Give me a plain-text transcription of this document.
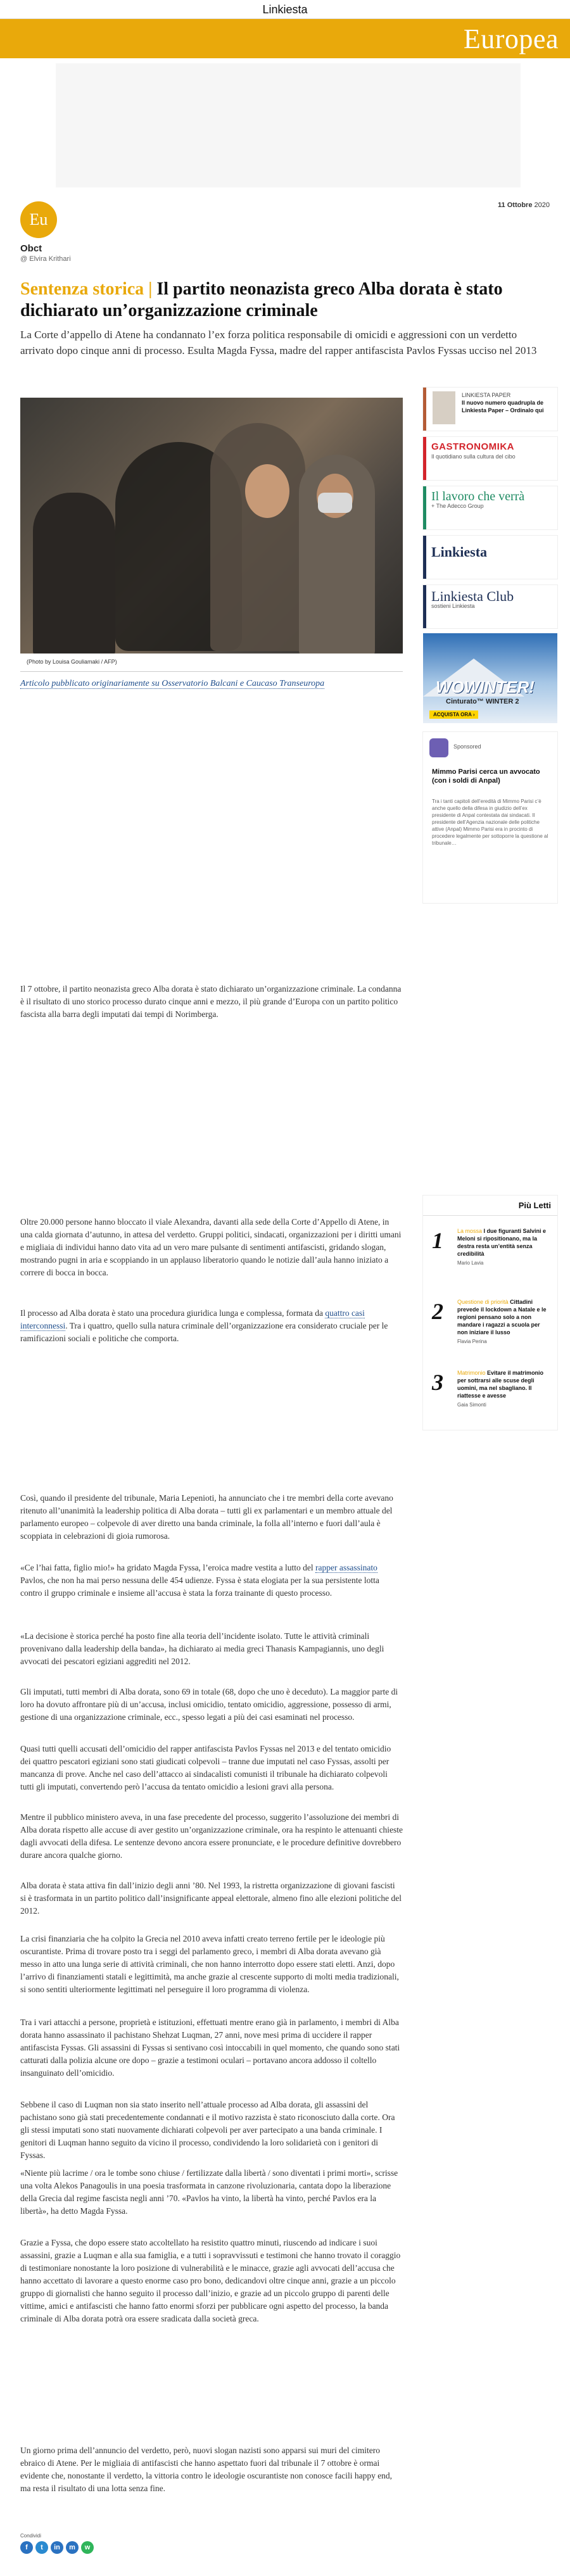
Linkiesta
Europea
Eu
Obct
@ Elvira Krithari
11 Ottobre 2020
Sentenza storica | Il partito neonazista greco Alba dorata è stato dichiarato un’organizzazione criminale

La Corte d’appello di Atene ha condannato l’ex forza politica responsabile di omicidi e aggressioni con un verdetto arrivato dopo cinque anni di processo. Esulta Magda Fyssa, madre del rapper antifascista Pavlos Fyssas ucciso nel 2013

(Photo by Louisa Gouliamaki / AFP)

Articolo pubblicato originariamente su Osservatorio Balcani e Caucaso Transeuropa

LINKIESTA PAPER
Il nuovo numero quadrupla de Linkiesta Paper – Ordinalo qui
GASTRONOMIKA
Il quotidiano sulla cultura del cibo
Il lavoro che verrà
+ The Adecco Group
Linkiesta
Linkiesta Club
sostieni Linkiesta
WOWINTER!
Cinturato™ WINTER 2
ACQUISTA ORA ›
Sponsored
Mimmo Parisi cerca un avvocato (con i soldi di Anpal)
Tra i tanti capitoli dell’eredità di Mimmo Parisi c’è anche quello della difesa in giudizio dell’ex presidente di Anpal contestata dai sindacati. Il presidente dell’Agenzia nazionale delle politiche attive (Anpal) Mimmo Parisi era in procinto di procedere legalmente per sottoporre la questione al tribunale…
Più Letti
1 La mossa I due figuranti Salvini e Meloni si ripositionano, ma la destra resta un’entità senza credibilità
Mario Lavia
2 Questione di priorità Cittadini prevede il lockdown a Natale e le regioni pensano solo a non mandare i ragazzi a scuola per non iniziare il lusso
Flavia Perina
3 Matrimonio Evitare il matrimonio per sottrarsi alle scuse degli uomini, ma nel sbagliano. Il riattesse e avesse
Gaia Simonti

Il 7 ottobre, il partito neonazista greco Alba dorata è stato dichiarato un’organizzazione criminale. La condanna è il risultato di uno storico processo durato cinque anni e mezzo, il più grande d’Europa con un partito politico fascista alla barra degli imputati dai tempi di Norimberga.

Oltre 20.000 persone hanno bloccato il viale Alexandra, davanti alla sede della Corte d’Appello di Atene, in una calda giornata d’autunno, in attesa del verdetto. Gruppi politici, sindacati, organizzazioni per i diritti umani e migliaia di individui hanno dato vita ad un vero mare pulsante di sentimenti antifascisti, gridando slogan, mostrando pugni in aria e scoppiando in un applauso liberatorio quando le notizie dall’aula hanno iniziato a correre di bocca in bocca.

Il processo ad Alba dorata è stato una procedura giuridica lunga e complessa, formata da quattro casi interconnessi. Tra i quattro, quello sulla natura criminale dell’organizzazione era considerato cruciale per le ramificazioni sociali e politiche che comporta.

Così, quando il presidente del tribunale, Maria Lepenioti, ha annunciato che i tre membri della corte avevano ritenuto all’unanimità la leadership politica di Alba dorata – tutti gli ex parlamentari e un membro attuale del parlamento europeo – colpevole di aver diretto una banda criminale, la folla all’interno e fuori dall’aula è scoppiata in celebrazioni di gioia rumorosa.

«Ce l’hai fatta, figlio mio!» ha gridato Magda Fyssa, l’eroica madre vestita a lutto del rapper assassinato Pavlos, che non ha mai perso nessuna delle 454 udienze. Fyssa è stata elogiata per la sua persistente lotta contro il gruppo criminale e insieme all’accusa è stata la forza trainante di questo processo.

«La decisione è storica perché ha posto fine alla teoria dell’incidente isolato. Tutte le attività criminali provenivano dalla leadership della banda», ha dichiarato ai media greci Thanasis Kampagiannis, uno degli avvocati dei pescatori egiziani aggrediti nel 2012.

Gli imputati, tutti membri di Alba dorata, sono 69 in totale (68, dopo che uno è deceduto). La maggior parte di loro ha dovuto affrontare più di un’accusa, inclusi omicidio, tentato omicidio, aggressione, possesso di armi, gestione di una organizzazione criminale, ecc., spesso legati a più dei casi esaminati nel processo.

Quasi tutti quelli accusati dell’omicidio del rapper antifascista Pavlos Fyssas nel 2013 e del tentato omicidio dei quattro pescatori egiziani sono stati giudicati colpevoli – tranne due imputati nel caso Fyssas, assolti per mancanza di prove. Anche nel caso dell’attacco ai sindacalisti comunisti il tribunale ha dichiarato colpevoli tutti gli imputati, convertendo però l’accusa da tentato omicidio a lesioni gravi alla persona.

Mentre il pubblico ministero aveva, in una fase precedente del processo, suggerito l’assoluzione dei membri di Alba dorata rispetto alle accuse di aver gestito un’organizzazione criminale, ora ha respinto le attenuanti chieste dagli avvocati della difesa. Le sentenze devono ancora essere pronunciate, e le procedure definitive dovrebbero durare ancora qualche giorno.

Alba dorata è stata attiva fin dall’inizio degli anni ’80. Nel 1993, la ristretta organizzazione di giovani fascisti si è trasformata in un partito politico dall’insignificante appeal elettorale, almeno fino alle elezioni politiche del 2012.

La crisi finanziaria che ha colpito la Grecia nel 2010 aveva infatti creato terreno fertile per le ideologie più oscurantiste. Prima di trovare posto tra i seggi del parlamento greco, i membri di Alba dorata avevano già messo in atto una lunga serie di attività criminali, che non hanno interrotto dopo essere stati eletti. Anzi, dopo l’arrivo di finanziamenti statali e legittimità, ma anche grazie al crescente supporto di molti media tradizionali, si sono sentiti ulteriormente legittimati nel perseguire il loro programma di violenza.

Tra i vari attacchi a persone, proprietà e istituzioni, effettuati mentre erano già in parlamento, i membri di Alba dorata hanno assassinato il pachistano Shehzat Luqman, 27 anni, nove mesi prima di uccidere il rapper antifascista Fyssas. Gli assassini di Fyssas si sentivano così intoccabili in quel momento, che quando sono stati catturati dalla polizia alcune ore dopo – grazie a testimoni oculari – portavano ancora addosso il coltello insanguinato dell’omicidio.

Sebbene il caso di Luqman non sia stato inserito nell’attuale processo ad Alba dorata, gli assassini del pachistano sono già stati precedentemente condannati e il motivo razzista è stato riconosciuto dalla corte. Ora gli stessi imputati sono stati nuovamente dichiarati colpevoli per aver partecipato a una banda criminale. I genitori di Luqman hanno seguito da vicino il processo, condividendo la loro solidarietà con i genitori di Fyssas.

«Niente più lacrime / ora le tombe sono chiuse / fertilizzate dalla libertà / sono diventati i primi morti», scrisse una volta Alekos Panagoulis in una poesia trasformata in canzone rivoluzionaria, cantata dopo la liberazione della Grecia dal regime fascista negli anni ’70. «Pavlos ha vinto, la libertà ha vinto, perché Pavlos era la libertà», ha detto Magda Fyssa.

Grazie a Fyssa, che dopo essere stato accoltellato ha resistito quattro minuti, riuscendo ad indicare i suoi assassini, grazie a Luqman e alla sua famiglia, e a tutti i sopravvissuti e testimoni che hanno trovato il coraggio di testimoniare nonostante la loro posizione di vulnerabilità e le minacce, grazie agli avvocati dell’accusa che hanno accettato di lavorare a questo enorme caso pro bono, dedicandovi oltre cinque anni, grazie a un piccolo gruppo di giornalisti che hanno seguito il processo dall’inizio, e grazie ad un piccolo gruppo di parenti delle vittime, amici e antifascisti che hanno fatto enormi sforzi per pubblicare ogni aspetto del processo, la banda criminale di Alba dorata potrà ora essere sradicata dalla società greca.

Un giorno prima dell’annuncio del verdetto, però, nuovi slogan nazisti sono apparsi sui muri del cimitero ebraico di Atene. Per le migliaia di antifascisti che hanno aspettato fuori dal tribunale il 7 ottobre è ormai evidente che, nonostante il verdetto, la vittoria contro le ideologie oscurantiste non conosce facili happy end, ma resta il risultato di una lotta senza fine.

Condividi
f	t	in	m	w
